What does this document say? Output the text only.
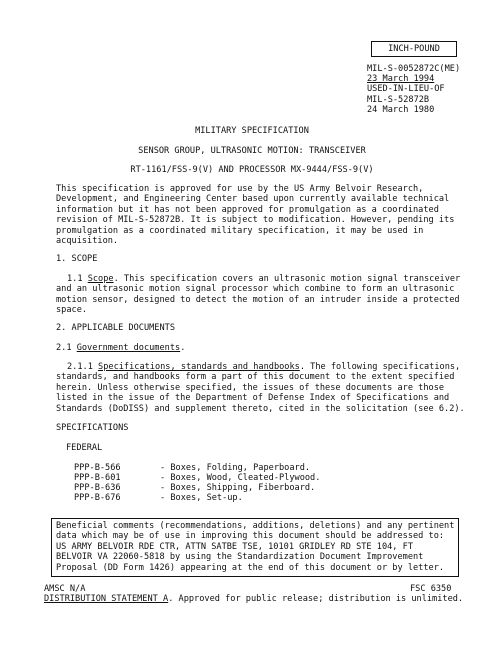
INCH-POUND
MIL-S-0052872C(ME)
23 March 1994
USED-IN-LIEU-OF
MIL-S-52872B
24 March 1980
MILITARY SPECIFICATION
SENSOR GROUP, ULTRASONIC MOTION: TRANSCEIVER
RT-1161/FSS-9(V) AND PROCESSOR MX-9444/FSS-9(V)
This specification is approved for use by the US Army Belvoir Research,
Development, and Engineering Center based upon currently available technical
information but it has not been approved for promulgation as a coordinated
revision of MIL-S-52872B. It is subject to modification. However, pending its
promulgation as a coordinated military specification, it may be used in
acquisition.
1. SCOPE
1.1 Scope. This specification covers an ultrasonic motion signal transceiver
and an ultrasonic motion signal processor which combine to form an ultrasonic
motion sensor, designed to detect the motion of an intruder inside a protected
space.
2. APPLICABLE DOCUMENTS
2.1 Government documents.
2.1.1 Specifications, standards and handbooks. The following specifications,
standards, and handbooks form a part of this document to the extent specified
herein. Unless otherwise specified, the issues of these documents are those
listed in the issue of the Department of Defense Index of Specifications and
Standards (DoDISS) and supplement thereto, cited in the solicitation (see 6.2).
SPECIFICATIONS
FEDERAL
PPP-B-566	- Boxes, Folding, Paperboard.
PPP-B-601	- Boxes, Wood, Cleated-Plywood.
PPP-B-636	- Boxes, Shipping, Fiberboard.
PPP-B-676	- Boxes, Set-up.
Beneficial comments (recommendations, additions, deletions) and any pertinent
data which may be of use in improving this document should be addressed to:
US ARMY BELVOIR RDE CTR, ATTN SATBE TSE, 10101 GRIDLEY RD STE 104, FT
BELVOIR VA 22060-5818 by using the Standardization Document Improvement
Proposal (DD Form 1426) appearing at the end of this document or by letter.
AMSC N/A	FSC 6350
DISTRIBUTION STATEMENT A. Approved for public release; distribution is unlimited.
